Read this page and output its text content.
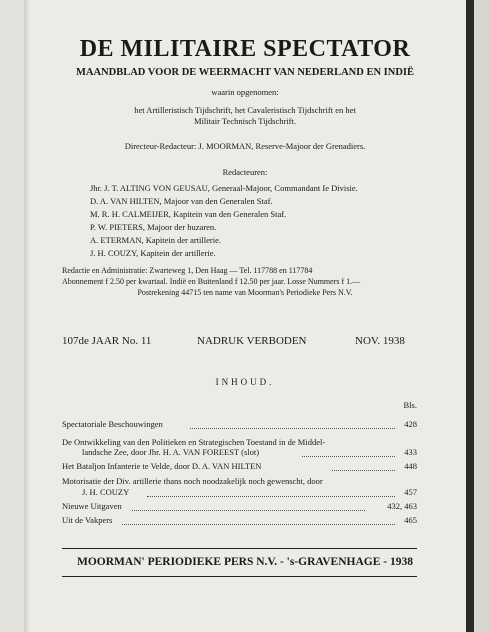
DE MILITAIRE SPECTATOR
MAANDBLAD VOOR DE WEERMACHT VAN NEDERLAND EN INDIË
waarin opgenomen:
het Artilleristisch Tijdschrift, het Cavaleristisch Tijdschrift en het
Militair Technisch Tijdschrift.
Directeur-Redacteur: J. MOORMAN, Reserve-Majoor der Grenadiers.
Redacteuren:
Jhr. J. T. ALTING VON GEUSAU, Generaal-Majoor, Commandant Ie Divisie.
D. A. VAN HILTEN, Majoor van den Generalen Staf.
M. R. H. CALMEIJER, Kapitein van den Generalen Staf.
P. W. PIETERS, Majoor der huzaren.
A. ETERMAN, Kapitein der artillerie.
J. H. COUZY, Kapitein der artillerie.
Redactie en Administratie: Zwarteweg 1, Den Haag — Tel. 117788 en 117784
Abonnement f 2.50 per kwartaal. Indië en Buitenland f 12.50 per jaar. Losse Nummers f 1.—
Postrekening 44715 ten name van Moorman's Periodieke Pers N.V.
107de JAAR No. 11	NADRUK VERBODEN	NOV. 1938
INHOUD.
Bls.
Spectatoriale Beschouwingen	428
De Ontwikkeling van den Politieken en Strategischen Toestand in de Middel-
landsche Zee, door Jhr. H. A. VAN FOREEST (slot)	433
Het Bataljon Infanterie te Velde, door D. A. VAN HILTEN	448
Motorisatie der Div. artillerie thans noch noodzakelijk noch gewenscht, door
J. H. COUZY	457
Nieuwe Uitgaven	432, 463
Uit de Vakpers	465
MOORMAN' PERIODIEKE PERS N.V. - 's-GRAVENHAGE - 1938
